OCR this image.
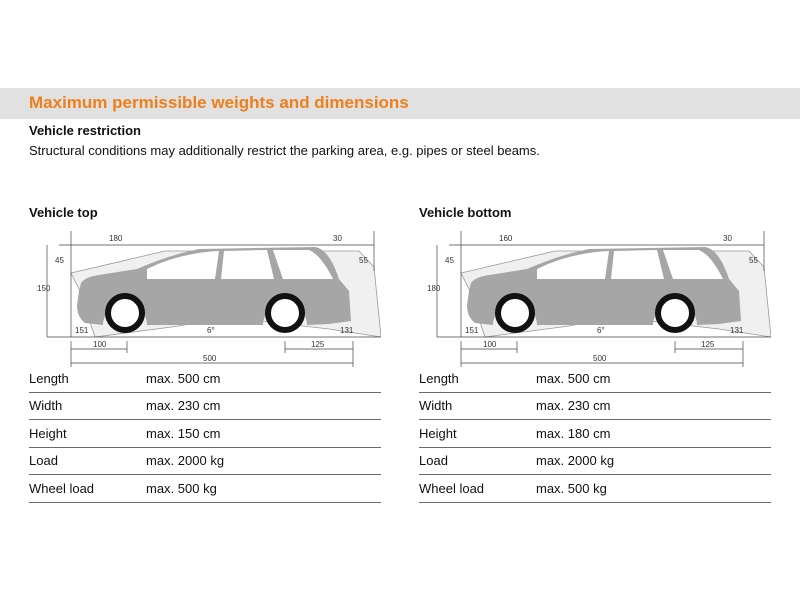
Maximum permissible weights and dimensions
Vehicle restriction
Structural conditions may additionally restrict the parking area, e.g. pipes or steel beams.
Vehicle top
180	30
45
150
55
151	6°	131
100	125
500
Length	max. 500 cm
Width	max. 230 cm
Height	max. 150 cm
Load	max. 2000 kg
Wheel load	max. 500 kg
Vehicle bottom
160	30
45
180
55
151	6°	131
100	125
500
Length	max. 500 cm
Width	max. 230 cm
Height	max. 180 cm
Load	max. 2000 kg
Wheel load	max. 500 kg
